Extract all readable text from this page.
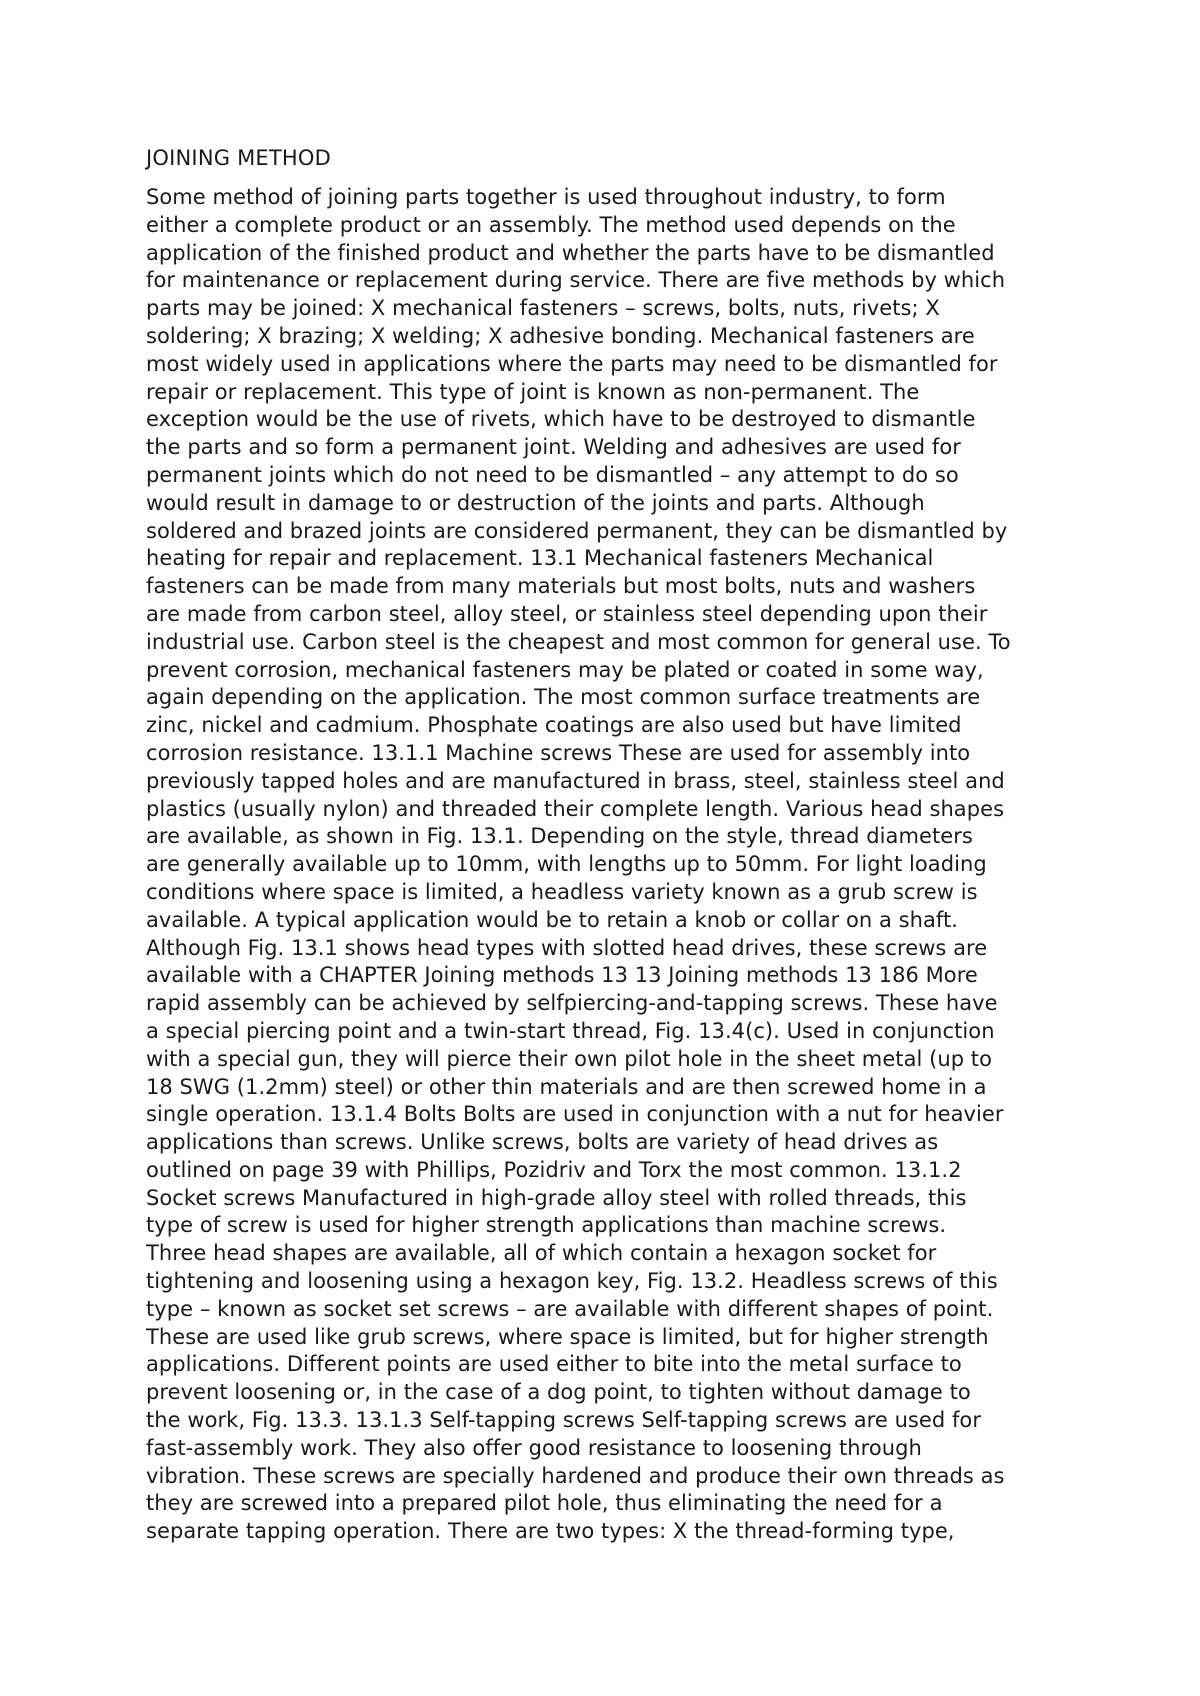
JOINING METHOD
Some method of joining parts together is used throughout industry, to form
either a complete product or an assembly. The method used depends on the
application of the finished product and whether the parts have to be dismantled
for maintenance or replacement during service. There are five methods by which
parts may be joined: X mechanical fasteners – screws, bolts, nuts, rivets; X
soldering; X brazing; X welding; X adhesive bonding. Mechanical fasteners are
most widely used in applications where the parts may need to be dismantled for
repair or replacement. This type of joint is known as non-permanent. The
exception would be the use of rivets, which have to be destroyed to dismantle
the parts and so form a permanent joint. Welding and adhesives are used for
permanent joints which do not need to be dismantled – any attempt to do so
would result in damage to or destruction of the joints and parts. Although
soldered and brazed joints are considered permanent, they can be dismantled by
heating for repair and replacement. 13.1 Mechanical fasteners Mechanical
fasteners can be made from many materials but most bolts, nuts and washers
are made from carbon steel, alloy steel, or stainless steel depending upon their
industrial use. Carbon steel is the cheapest and most common for general use. To
prevent corrosion, mechanical fasteners may be plated or coated in some way,
again depending on the application. The most common surface treatments are
zinc, nickel and cadmium. Phosphate coatings are also used but have limited
corrosion resistance. 13.1.1 Machine screws These are used for assembly into
previously tapped holes and are manufactured in brass, steel, stainless steel and
plastics (usually nylon) and threaded their complete length. Various head shapes
are available, as shown in Fig. 13.1. Depending on the style, thread diameters
are generally available up to 10mm, with lengths up to 50mm. For light loading
conditions where space is limited, a headless variety known as a grub screw is
available. A typical application would be to retain a knob or collar on a shaft.
Although Fig. 13.1 shows head types with slotted head drives, these screws are
available with a CHAPTER Joining methods 13 13 Joining methods 13 186 More
rapid assembly can be achieved by selfpiercing-and-tapping screws. These have
a special piercing point and a twin-start thread, Fig. 13.4(c). Used in conjunction
with a special gun, they will pierce their own pilot hole in the sheet metal (up to
18 SWG (1.2mm) steel) or other thin materials and are then screwed home in a
single operation. 13.1.4 Bolts Bolts are used in conjunction with a nut for heavier
applications than screws. Unlike screws, bolts are variety of head drives as
outlined on page 39 with Phillips, Pozidriv and Torx the most common. 13.1.2
Socket screws Manufactured in high-grade alloy steel with rolled threads, this
type of screw is used for higher strength applications than machine screws.
Three head shapes are available, all of which contain a hexagon socket for
tightening and loosening using a hexagon key, Fig. 13.2. Headless screws of this
type – known as socket set screws – are available with different shapes of point.
These are used like grub screws, where space is limited, but for higher strength
applications. Different points are used either to bite into the metal surface to
prevent loosening or, in the case of a dog point, to tighten without damage to
the work, Fig. 13.3. 13.1.3 Self-tapping screws Self-tapping screws are used for
fast-assembly work. They also offer good resistance to loosening through
vibration. These screws are specially hardened and produce their own threads as
they are screwed into a prepared pilot hole, thus eliminating the need for a
separate tapping operation. There are two types: X the thread-forming type,
